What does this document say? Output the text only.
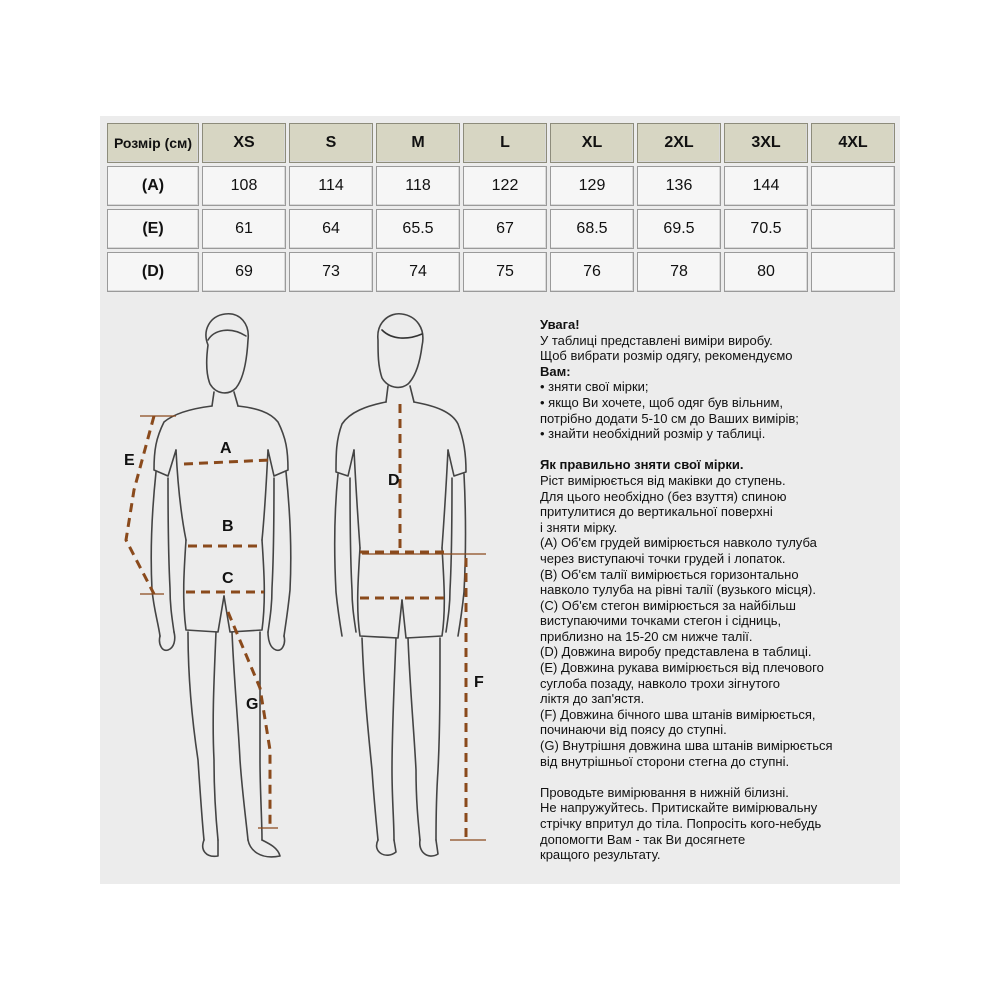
Розмір (см)	XS	S	M	L	XL	2XL	3XL	4XL
(A)	108	114	118	122	129	136	144	
(E)	61	64	65.5	67	68.5	69.5	70.5	
(D)	69	73	74	75	76	78	80	
A
B
C
E
G
D
F

Увага!

У таблиці представлені виміри виробу.

Щоб вибрати розмір одягу, рекомендуємо

Вам:

• зняти свої мірки;

• якщо Ви хочете, щоб одяг був вільним,

потрібно додати 5-10 см до Ваших вимірів;

• знайти необхідний розмір у таблиці.

Як правильно зняти свої мірки.

Ріст вимірюється від маківки до ступень.

Для цього необхідно (без взуття) спиною

притулитися до вертикальної поверхні

і зняти мірку.

(A) Об'єм грудей вимірюється навколо тулуба

через виступаючі точки грудей і лопаток.

(B) Об'єм талії вимірюється горизонтально

навколо тулуба на рівні талії (вузького місця).

(C) Об'єм стегон вимірюється за найбільш

виступаючими точками стегон і сідниць,

приблизно на 15-20 см нижче талії.

(D) Довжина виробу представлена в таблиці.

(E) Довжина рукава вимірюється від плечового

суглоба позаду, навколо трохи зігнутого

ліктя до зап'ястя.

(F) Довжина бічного шва штанів вимірюється,

починаючи від поясу до ступні.

(G) Внутрішня довжина шва штанів вимірюється

від внутрішньої сторони стегна до ступні.

Проводьте вимірювання в нижній білизні.

Не напружуйтесь. Притискайте вимірювальну

стрічку впритул до тіла. Попросіть кого-небудь

допомогти Вам - так Ви досягнете

кращого результату.
